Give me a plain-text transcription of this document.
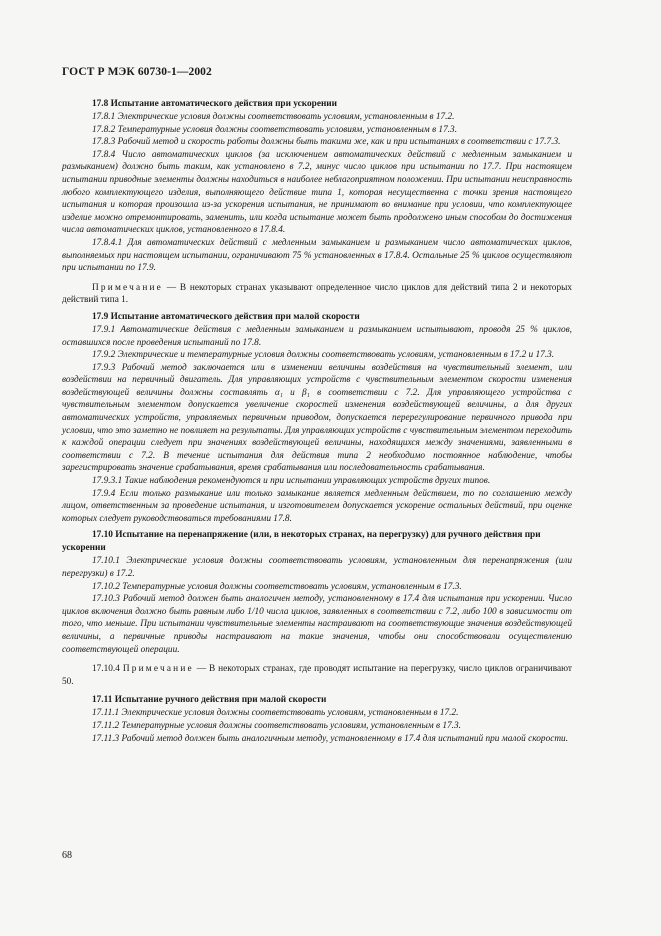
ГОСТ Р МЭК 60730-1—2002
17.8 Испытание автоматического действия при ускорении

17.8.1 Электрические условия должны соответствовать условиям, установленным в 17.2.

17.8.2 Температурные условия должны соответствовать условиям, установленным в 17.3.

17.8.3 Рабочий метод и скорость работы должны быть такими же, как и при испытаниях в соответствии с 17.7.3.

17.8.4 Число автоматических циклов (за исключением автоматических действий с медленным замыканием и размыканием) должно быть таким, как установлено в 7.2, минус число циклов при испытании по 17.7. При настоящем испытании приводные элементы должны находиться в наиболее неблагоприятном положении. При испытании неисправность любого комплектующего изделия, выполняющего действие типа 1, которая несущественна с точки зрения настоящего испытания и которая произошла из-за ускорения испытания, не принимают во внимание при условии, что комплектующее изделие можно отремонтировать, заменить, или когда испытание может быть продолжено иным способом до достижения числа автоматических циклов, установленного в 17.8.4.

17.8.4.1 Для автоматических действий с медленным замыканием и размыканием число автоматических циклов, выполняемых при настоящем испытании, ограничивают 75 % установленных в 17.8.4. Остальные 25 % циклов осуществляют при испытании по 17.9.

Примечание — В некоторых странах указывают определенное число циклов для действий типа 2 и некоторых действий типа 1.

17.9 Испытание автоматического действия при малой скорости

17.9.1 Автоматические действия с медленным замыканием и размыканием испытывают, проводя 25 % циклов, оставшихся после проведения испытаний по 17.8.

17.9.2 Электрические и температурные условия должны соответствовать условиям, установленным в 17.2 и 17.3.

17.9.3 Рабочий метод заключается или в изменении величины воздействия на чувствительный элемент, или воздействии на первичный двигатель. Для управляющих устройств с чувствительным элементом скорости изменения воздействующей величины должны составлять α₁ и β₁ в соответствии с 7.2. Для управляющего устройства с чувствительным элементом допускается увеличение скоростей изменения воздействующей величины, а для других автоматических устройств, управляемых первичным приводом, допускается перерегулирование первичного привода при условии, что это заметно не повлияет на результаты. Для управляющих устройств с чувствительным элементом переходить к каждой операции следует при значениях воздействующей величины, находящихся между значениями, заявленными в соответствии с 7.2. В течение испытания для действия типа 2 необходимо постоянное наблюдение, чтобы зарегистрировать значение срабатывания, время срабатывания или последовательность срабатывания.

17.9.3.1 Такие наблюдения рекомендуются и при испытании управляющих устройств других типов.

17.9.4 Если только размыкание или только замыкание является медленным действием, то по соглашению между лицом, ответственным за проведение испытания, и изготовителем допускается ускорение остальных действий, при оценке которых следует руководствоваться требованиями 17.8.

17.10 Испытание на перенапряжение (или, в некоторых странах, на перегрузку) для ручного действия при ускорении

17.10.1 Электрические условия должны соответствовать условиям, установленным для перенапряжения (или перегрузки) в 17.2.

17.10.2 Температурные условия должны соответствовать условиям, установленным в 17.3.

17.10.3 Рабочий метод должен быть аналогичен методу, установленному в 17.4 для испытания при ускорении. Число циклов включения должно быть равным либо 1/10 числа циклов, заявленных в соответствии с 7.2, либо 100 в зависимости от того, что меньше. При испытании чувствительные элементы настраивают на соответствующие значения воздействующей величины, а первичные приводы настраивают на такие значения, чтобы они способствовали осуществлению соответствующей операции.

17.10.4 Примечание — В некоторых странах, где проводят испытание на перегрузку, число циклов ограничивают 50.

17.11 Испытание ручного действия при малой скорости

17.11.1 Электрические условия должны соответствовать условиям, установленным в 17.2.

17.11.2 Температурные условия должны соответствовать условиям, установленным в 17.3.

17.11.3 Рабочий метод должен быть аналогичным методу, установленному в 17.4 для испытаний при малой скорости.

68
